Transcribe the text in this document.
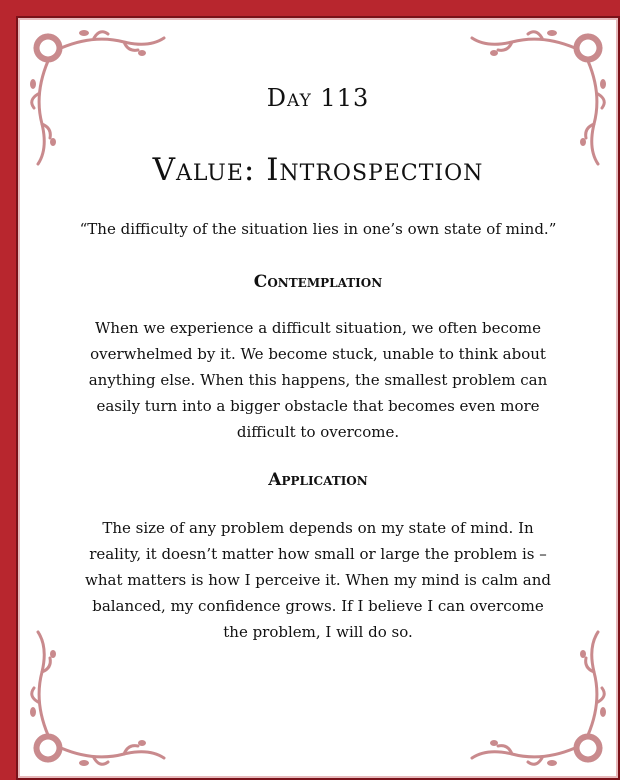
Day 113
Value: Introspection
“The difficulty of the situation lies in one’s own state of mind.”
Contemplation
When we experience a difficult situation, we often become overwhelmed by it. We become stuck, unable to think about anything else. When this happens, the smallest problem can easily turn into a bigger obstacle that becomes even more difficult to overcome.
Application
The size of any problem depends on my state of mind. In reality, it doesn’t matter how small or large the problem is – what matters is how I perceive it. When my mind is calm and balanced, my confidence grows. If I believe I can overcome the problem, I will do so.
